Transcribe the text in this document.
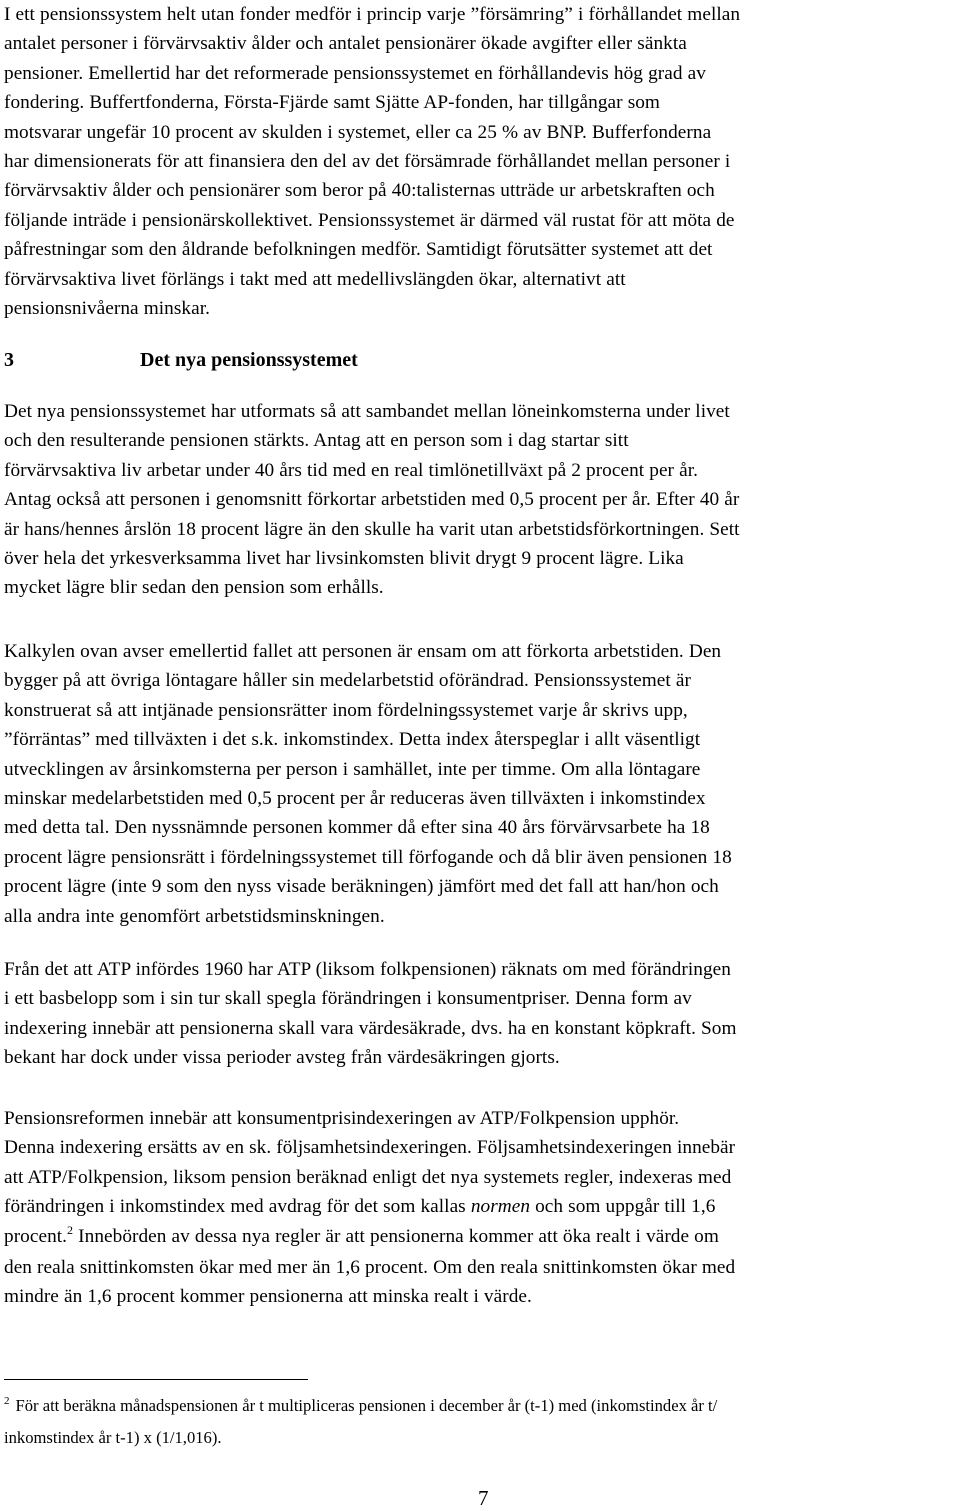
I ett pensionssystem helt utan fonder medför i princip varje ”försämring” i förhållandet mellan
antalet personer i förvärvsaktiv ålder och antalet pensionärer ökade avgifter eller sänkta
pensioner. Emellertid har det reformerade pensionssystemet en förhållandevis hög grad av
fondering. Buffertfonderna, Första-Fjärde samt Sjätte AP-fonden, har tillgångar som
motsvarar ungefär 10 procent av skulden i systemet, eller ca 25 % av BNP. Bufferfonderna
har dimensionerats för att finansiera den del av det försämrade förhållandet mellan personer i
förvärvsaktiv ålder och pensionärer som beror på 40:talisternas utträde ur arbetskraften och
följande inträde i pensionärskollektivet. Pensionssystemet är därmed väl rustat för att möta de
påfrestningar som den åldrande befolkningen medför. Samtidigt förutsätter systemet att det
förvärvsaktiva livet förlängs i takt med att medellivslängden ökar, alternativt att
pensionsnivåerna minskar.

3	Det nya pensionssystemet

Det nya pensionssystemet har utformats så att sambandet mellan löneinkomsterna under livet
och den resulterande pensionen stärkts. Antag att en person som i dag startar sitt
förvärvsaktiva liv arbetar under 40 års tid med en real timlönetillväxt på 2 procent per år.
Antag också att personen i genomsnitt förkortar arbetstiden med 0,5 procent per år. Efter 40 år
är hans/hennes årslön 18 procent lägre än den skulle ha varit utan arbetstidsförkortningen. Sett
över hela det yrkesverksamma livet har livsinkomsten blivit drygt 9 procent lägre. Lika
mycket lägre blir sedan den pension som erhålls.

Kalkylen ovan avser emellertid fallet att personen är ensam om att förkorta arbetstiden. Den
bygger på att övriga löntagare håller sin medelarbetstid oförändrad. Pensionssystemet är
konstruerat så att intjänade pensionsrätter inom fördelningssystemet varje år skrivs upp,
”förräntas” med tillväxten i det s.k. inkomstindex. Detta index återspeglar i allt väsentligt
utvecklingen av årsinkomsterna per person i samhället, inte per timme. Om alla löntagare
minskar medelarbetstiden med 0,5 procent per år reduceras även tillväxten i inkomstindex
med detta tal. Den nyssnämnde personen kommer då efter sina 40 års förvärvsarbete ha 18
procent lägre pensionsrätt i fördelningssystemet till förfogande och då blir även pensionen 18
procent lägre (inte 9 som den nyss visade beräkningen) jämfört med det fall att han/hon och
alla andra inte genomfört arbetstidsminskningen.

Från det att ATP infördes 1960 har ATP (liksom folkpensionen) räknats om med förändringen
i ett basbelopp som i sin tur skall spegla förändringen i konsumentpriser. Denna form av
indexering innebär att pensionerna skall vara värdesäkrade, dvs. ha en konstant köpkraft. Som
bekant har dock under vissa perioder avsteg från värdesäkringen gjorts.

Pensionsreformen innebär att konsumentprisindexeringen av ATP/Folkpension upphör.
Denna indexering ersätts av en sk. följsamhetsindexeringen. Följsamhetsindexeringen innebär
att ATP/Folkpension, liksom pension beräknad enligt det nya systemets regler, indexeras med
förändringen i inkomstindex med avdrag för det som kallas normen och som uppgår till 1,6
procent.$^2$ Innebörden av dessa nya regler är att pensionerna kommer att öka realt i värde om
den reala snittinkomsten ökar med mer än 1,6 procent. Om den reala snittinkomsten ökar med
mindre än 1,6 procent kommer pensionerna att minska realt i värde.

$^2$ För att beräkna månadspensionen år t multipliceras pensionen i december år (t-1) med (inkomstindex år t/
inkomstindex år t-1) x (1/1,016).
7
